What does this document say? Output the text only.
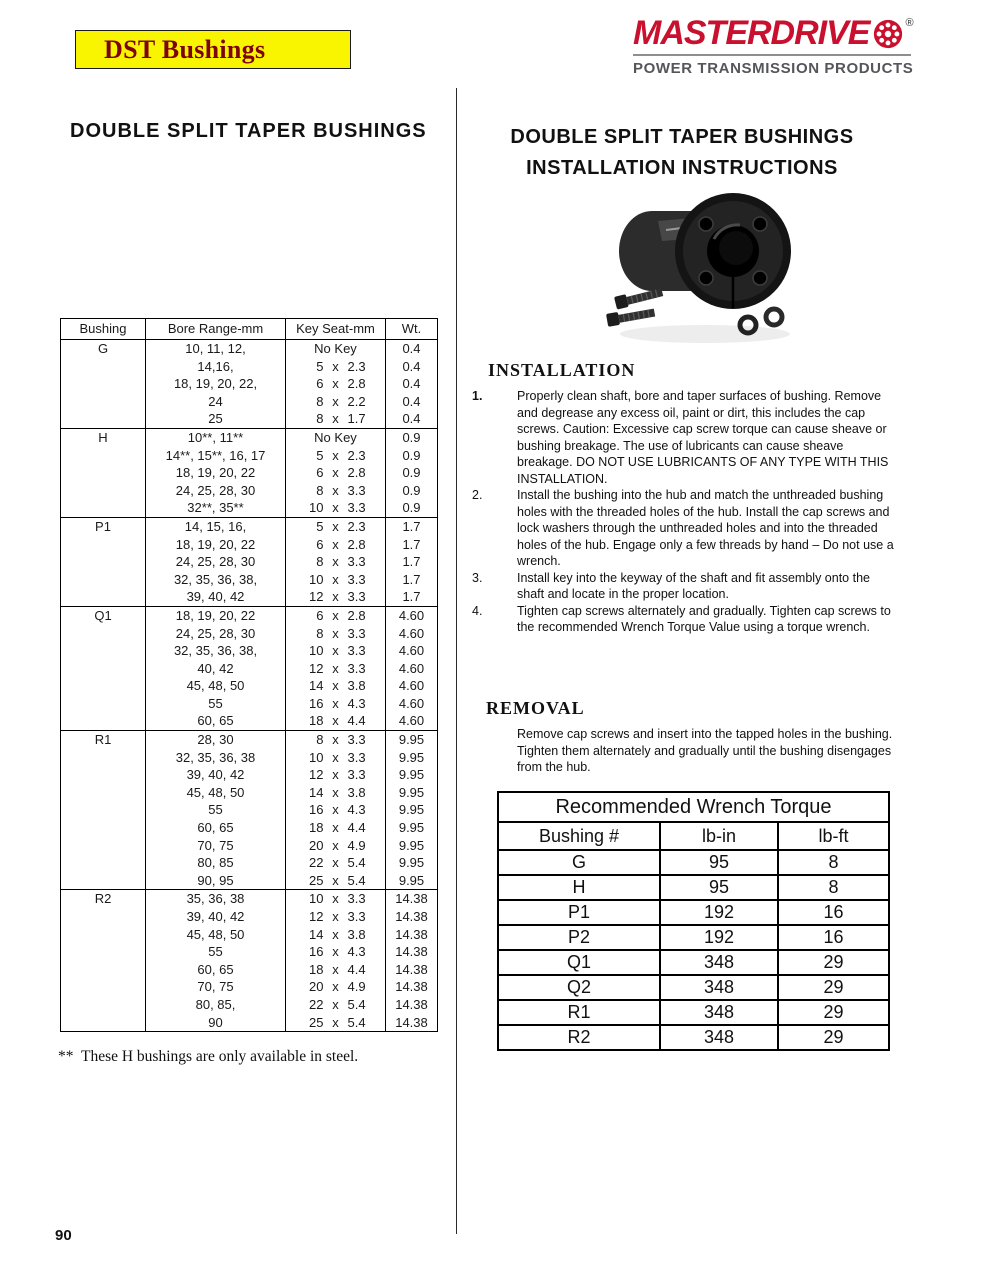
DST Bushings	MASTERDRIVE	®
POWER TRANSMISSION PRODUCTS
DOUBLE SPLIT TAPER BUSHINGS
Bushing	Bore Range-mm	Key Seat-mm	Wt.
G	10, 11, 12,	No Key	0.4
	14,16,	5 x 2.3	0.4
	18, 19, 20, 22,	6 x 2.8	0.4
	24	8 x 2.2	0.4
	25	8 x 1.7	0.4
H	10**, 11**	No Key	0.9
	14**, 15**, 16, 17	5 x 2.3	0.9
	18, 19, 20, 22	6 x 2.8	0.9
	24, 25, 28, 30	8 x 3.3	0.9
	32**, 35**	10 x 3.3	0.9
P1	14, 15, 16,	5 x 2.3	1.7
	18, 19, 20, 22	6 x 2.8	1.7
	24, 25, 28, 30	8 x 3.3	1.7
	32, 35, 36, 38,	10 x 3.3	1.7
	39, 40, 42	12 x 3.3	1.7
Q1	18, 19, 20, 22	6 x 2.8	4.60
	24, 25, 28, 30	8 x 3.3	4.60
	32, 35, 36, 38,	10 x 3.3	4.60
	40, 42	12 x 3.3	4.60
	45, 48, 50	14 x 3.8	4.60
	55	16 x 4.3	4.60
	60, 65	18 x 4.4	4.60
R1	28, 30	8 x 3.3	9.95
	32, 35, 36, 38	10 x 3.3	9.95
	39, 40, 42	12 x 3.3	9.95
	45, 48, 50	14 x 3.8	9.95
	55	16 x 4.3	9.95
	60, 65	18 x 4.4	9.95
	70, 75	20 x 4.9	9.95
	80, 85	22 x 5.4	9.95
	90, 95	25 x 5.4	9.95
R2	35, 36, 38	10 x 3.3	14.38
	39, 40, 42	12 x 3.3	14.38
	45, 48, 50	14 x 3.8	14.38
	55	16 x 4.3	14.38
	60, 65	18 x 4.4	14.38
	70, 75	20 x 4.9	14.38
	80, 85,	22 x 5.4	14.38
	90	25 x 5.4	14.38

**  These H bushings are only available in steel.

DOUBLE SPLIT TAPER BUSHINGS
INSTALLATION INSTRUCTIONS
INSTALLATION
1.	Properly clean shaft, bore and taper surfaces of bushing. Remove and degrease any excess oil, paint or dirt, this includes the cap screws. Caution: Excessive cap screw torque can cause sheave or bushing breakage. The use of lubricants can cause sheave breakage. DO NOT USE LUBRICANTS OF ANY TYPE WITH THIS INSTALLATION.
2.	Install the bushing into the hub and match the unthreaded bushing holes with the threaded holes of the hub. Install the cap screws and lock washers through the unthreaded holes and into the threaded holes of the hub. Engage only a few threads by hand – Do not use a wrench.
3.	Install key into the keyway of the shaft and fit assembly onto the shaft and locate in the proper location.
4.	Tighten cap screws alternately and gradually. Tighten cap screws to the recommended Wrench Torque Value using a torque wrench.
REMOVAL

Remove cap screws and insert into the tapped holes in the bushing. Tighten them alternately and gradually until the bushing disengages from the hub.

Recommended Wrench Torque		
Bushing #	lb-in	lb-ft
G	95	8
H	95	8
P1	192	16
P2	192	16
Q1	348	29
Q2	348	29
R1	348	29
R2	348	29
90
